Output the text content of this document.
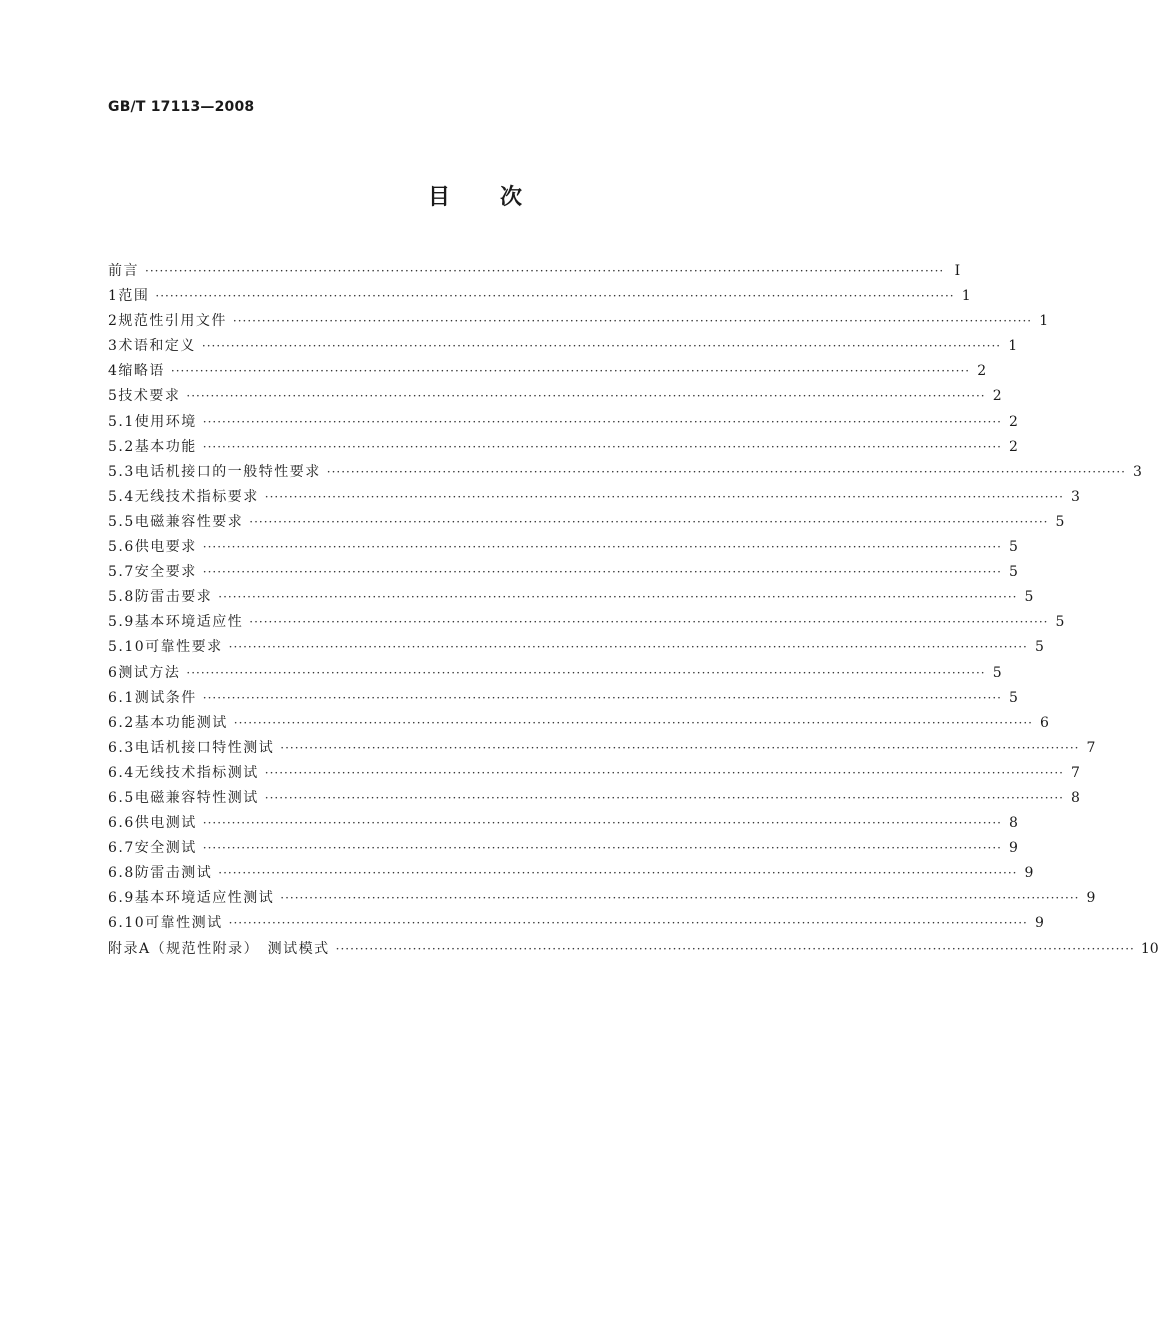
GB/T 17113—2008
目次
前言 ·····	Ⅰ
1 范围 ·····	1
2 规范性引用文件 ·····	1
3 术语和定义 ·····	1
4 缩略语 ·····	2
5 技术要求 ·····	2
5.1 使用环境 ·····	2
5.2 基本功能 ·····	2
5.3 电话机接口的一般特性要求 ·····	3
5.4 无线技术指标要求 ·····	3
5.5 电磁兼容性要求 ·····	5
5.6 供电要求 ·····	5
5.7 安全要求 ·····	5
5.8 防雷击要求 ·····	5
5.9 基本环境适应性 ·····	5
5.10 可靠性要求 ·····	5
6 测试方法 ·····	5
6.1 测试条件 ·····	5
6.2 基本功能测试 ·····	6
6.3 电话机接口特性测试 ·····	7
6.4 无线技术指标测试 ·····	7
6.5 电磁兼容特性测试 ·····	8
6.6 供电测试 ·····	8
6.7 安全测试 ·····	9
6.8 防雷击测试 ·····	9
6.9 基本环境适应性测试 ·····	9
6.10 可靠性测试 ·····	9
附录A（规范性附录）　测试模式 ·····	10
